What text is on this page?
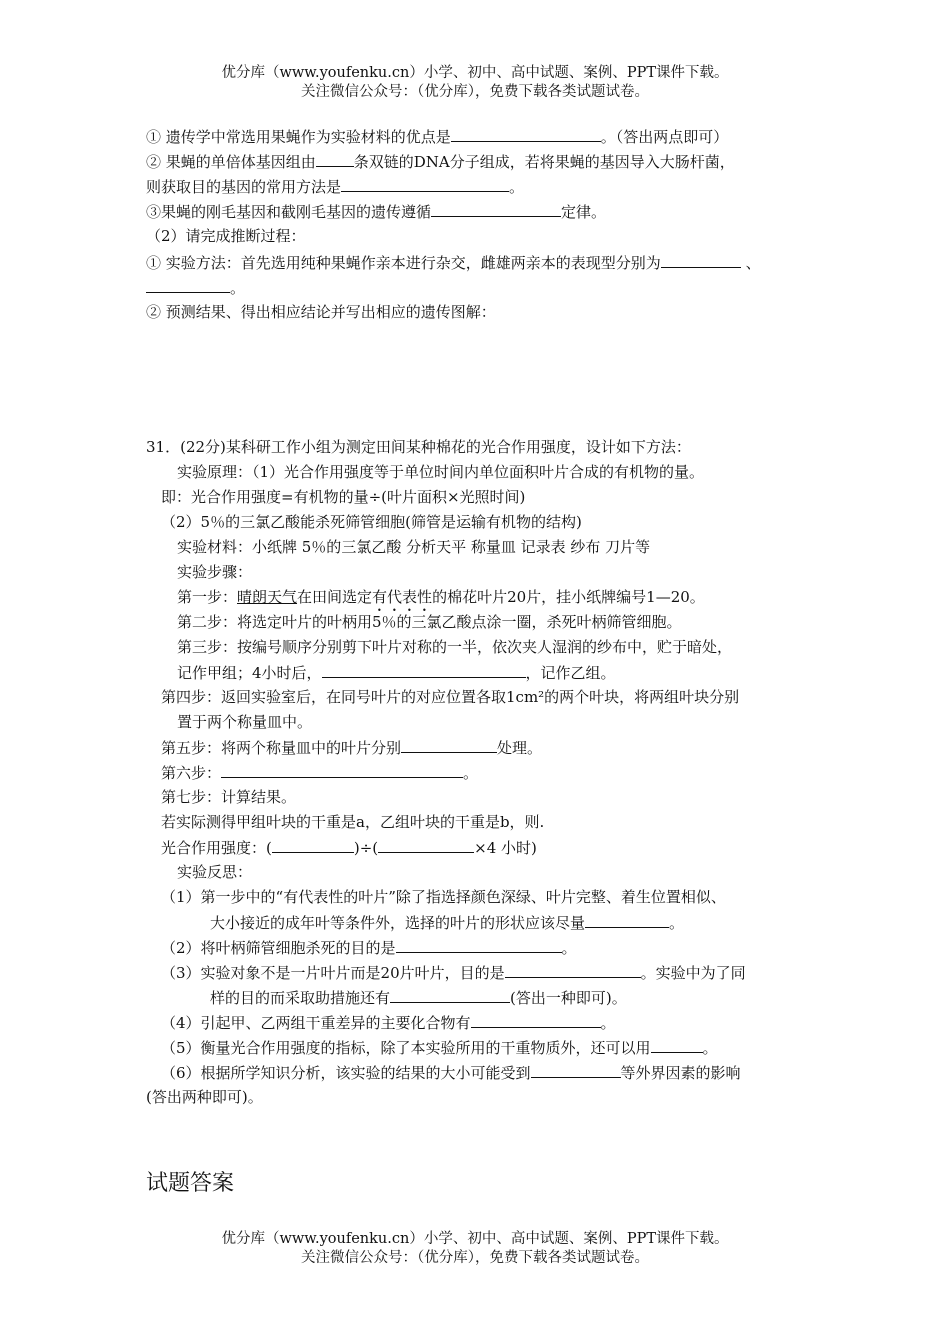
优分库（www.youfenku.cn）小学、初中、高中试题、案例、PPT课件下载。
关注微信公众号：（优分库），免费下载各类试题试卷。
① 遗传学中常选用果蝇作为实验材料的优点是	。（答出两点即可）
② 果蝇的单倍体基因组由	条双链的DNA分子组成，若将果蝇的基因导入大肠杆菌，
则获取目的基因的常用方法是	。
③果蝇的刚毛基因和截刚毛基因的遗传遵循	定律。
（2）请完成推断过程：
① 实验方法：首先选用纯种果蝇作亲本进行杂交，雌雄两亲本的表现型分别为	、
。
② 预测结果、得出相应结论并写出相应的遗传图解：
31．(22分)某科研工作小组为测定田间某种棉花的光合作用强度，设计如下方法：
实验原理：（1）光合作用强度等于单位时间内单位面积叶片合成的有机物的量。
即：光合作用强度=有机物的量÷(叶片面积×光照时间)
（2）5％的三氯乙酸能杀死筛管细胞(筛管是运输有机物的结构)
实验材料：小纸牌 5％的三氯乙酸 分析天平 称量皿 记录表 纱布 刀片等
实验步骤：
第一步：晴朗天气在田间选定有代表性的棉花叶片20片，挂小纸牌编号1—20。
第二步：将选定叶片的叶柄用5％的三氯乙酸点涂一圈，杀死叶柄筛管细胞。
第三步：按编号顺序分别剪下叶片对称的一半，依次夹人湿润的纱布中，贮于暗处，
记作甲组；4小时后，	，记作乙组。
第四步：返回实验室后，在同号叶片的对应位置各取1cm²的两个叶块，将两组叶块分别
置于两个称量皿中。
第五步：将两个称量皿中的叶片分别	处理。
第六步：	。
第七步：计算结果。
若实际测得甲组叶块的干重是a，乙组叶块的干重是b，则.
光合作用强度：(	)÷(	×4 小时)
实验反思：
（1）第一步中的“有代表性的叶片”除了指选择颜色深绿、叶片完整、着生位置相似、
大小接近的成年叶等条件外，选择的叶片的形状应该尽量	。
（2）将叶柄筛管细胞杀死的目的是	。
（3）实验对象不是一片叶片而是20片叶片，目的是	。实验中为了同
样的目的而采取助措施还有	(答出一种即可)。
（4）引起甲、乙两组干重差异的主要化合物有	。
（5）衡量光合作用强度的指标，除了本实验所用的干重物质外，还可以用	。
（6）根据所学知识分析，该实验的结果的大小可能受到	等外界因素的影响
(答出两种即可)。
试题答案
优分库（www.youfenku.cn）小学、初中、高中试题、案例、PPT课件下载。
关注微信公众号：（优分库），免费下载各类试题试卷。
